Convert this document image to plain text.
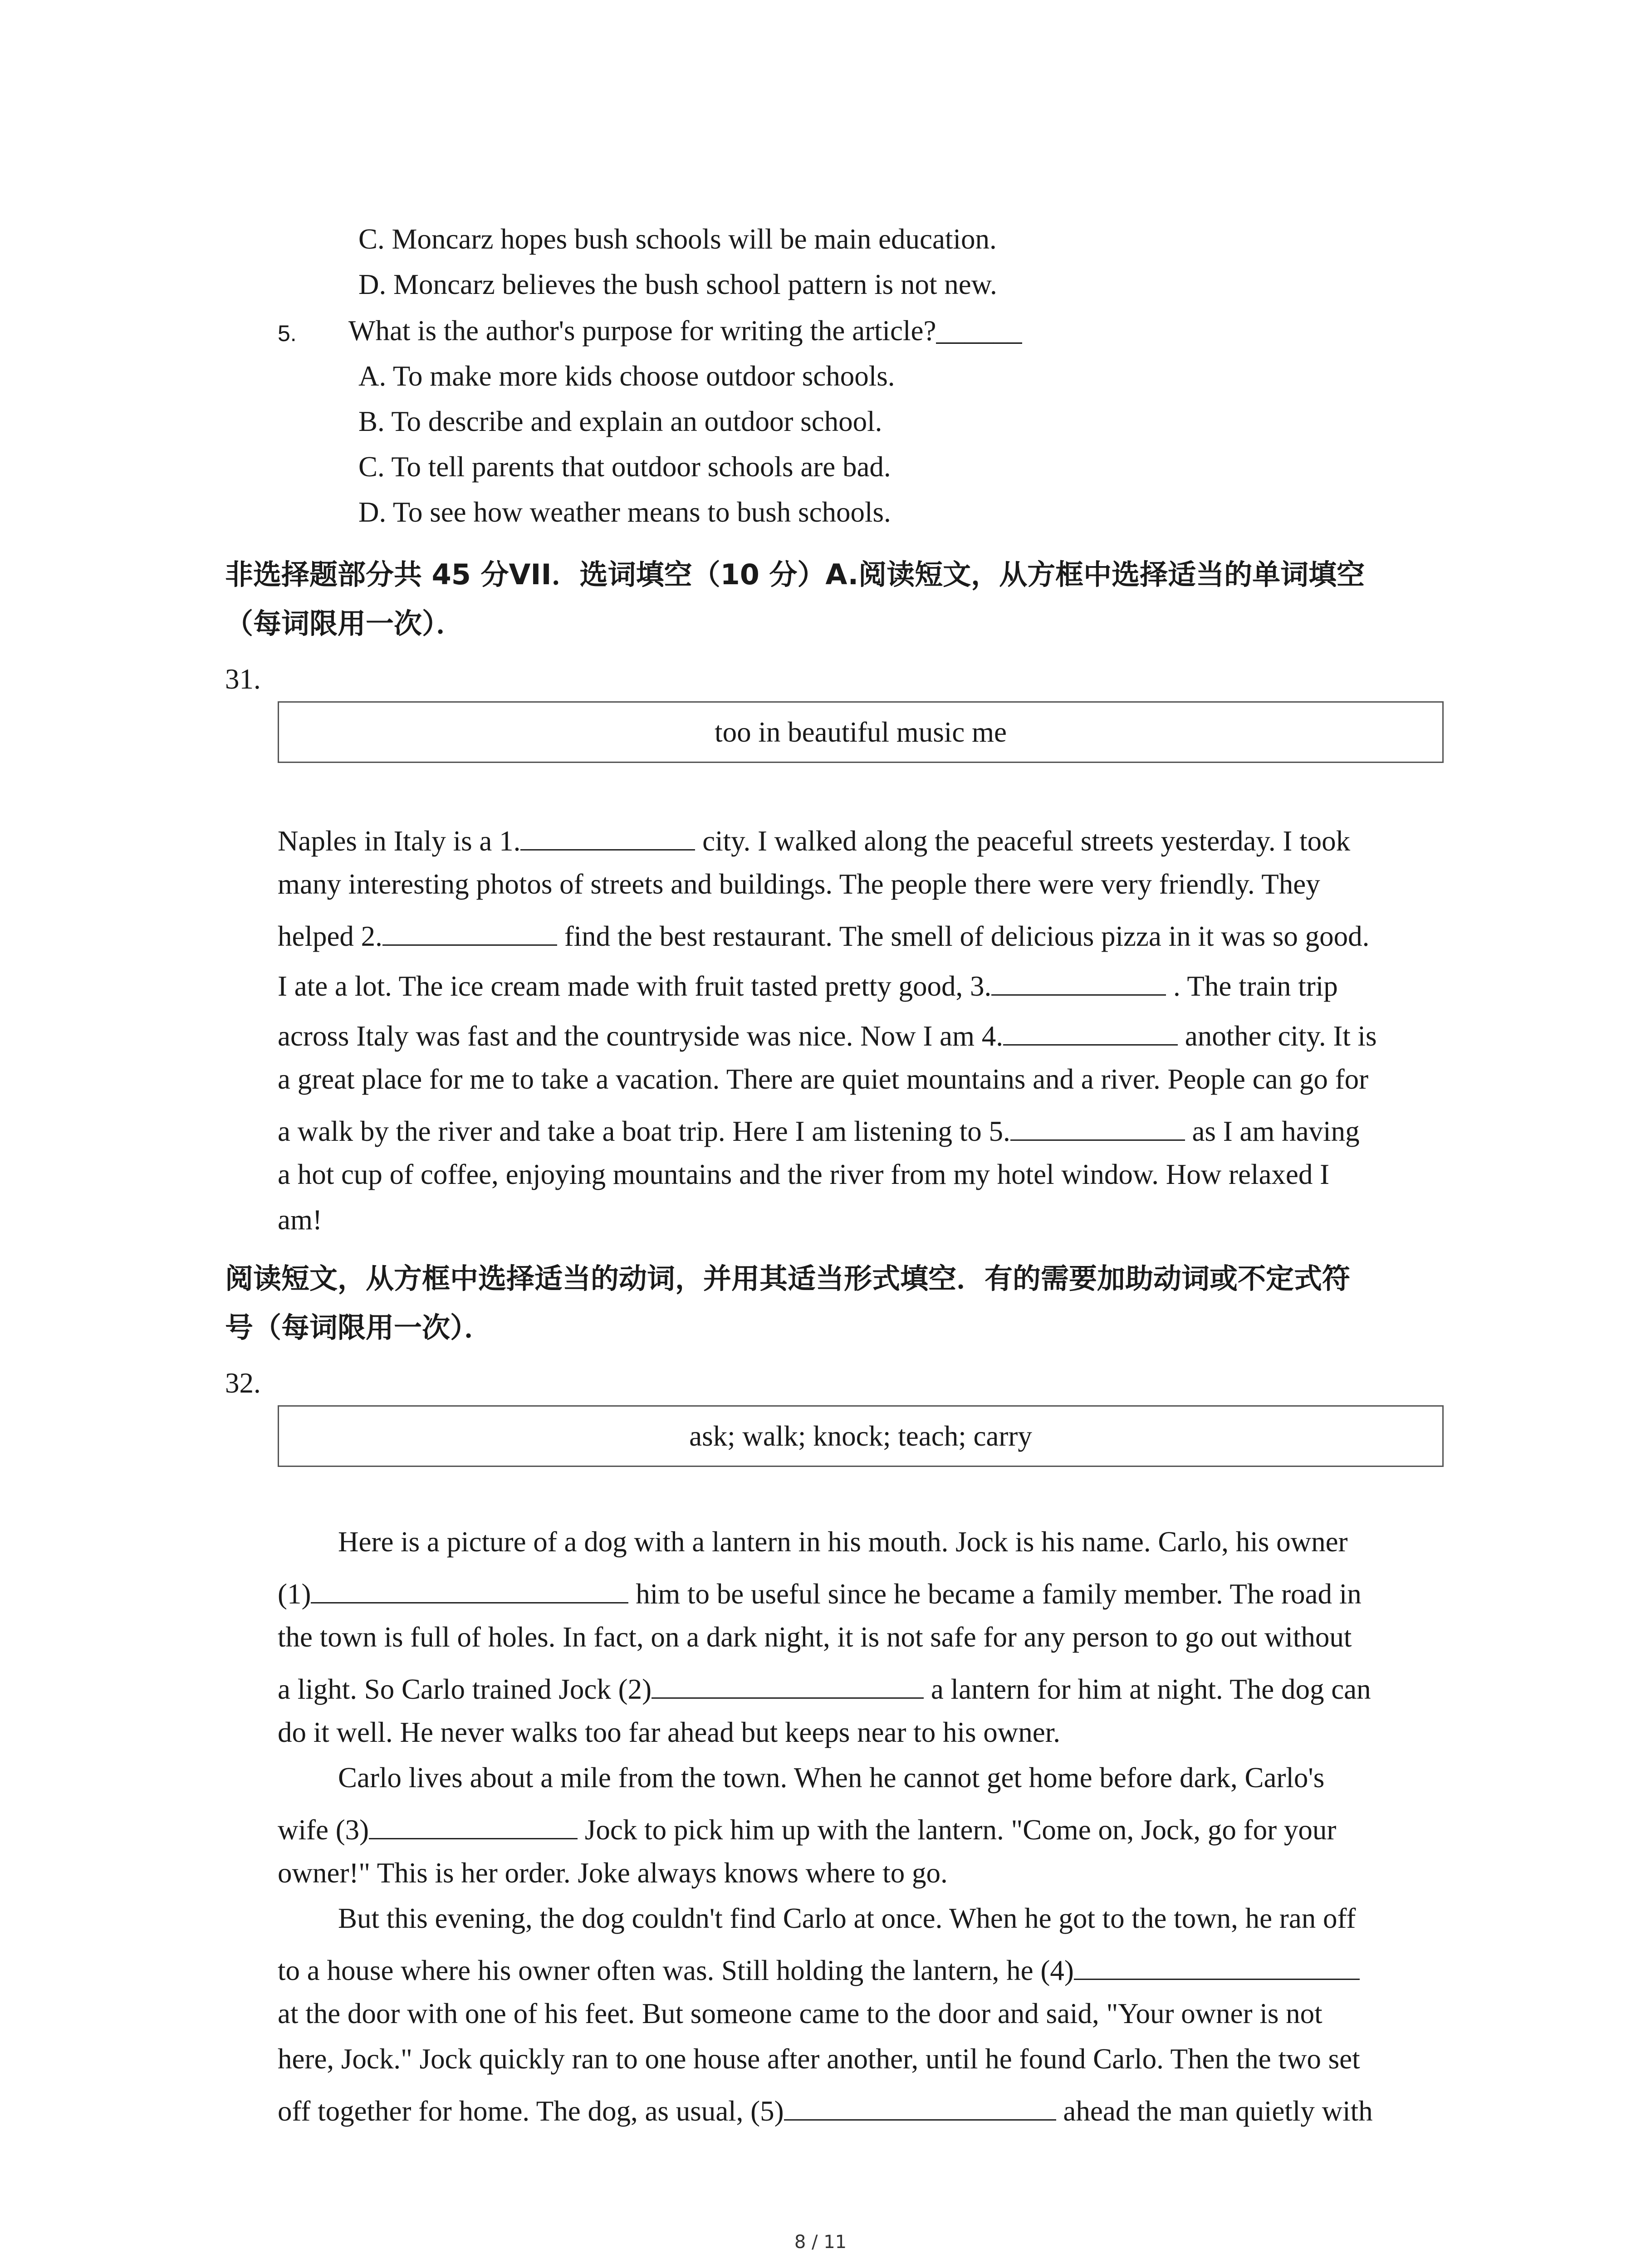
C. Moncarz hopes bush schools will be main education.
D. Moncarz believes the bush school pattern is not new.
5. What is the author's purpose for writing the article?______
A. To make more kids choose outdoor schools.
B. To describe and explain an outdoor school.
C. To tell parents that outdoor schools are bad.
D. To see how weather means to bush schools.
非选择题部分共 45 分VII．选词填空（10 分）A.阅读短文，从方框中选择适当的单词填空
（每词限用一次）．
31.
too in beautiful music me
Naples in Italy is a 1.	city. I walked along the peaceful streets yesterday. I took
many interesting photos of streets and buildings. The people there were very friendly. They
helped 2.	find the best restaurant. The smell of delicious pizza in it was so good.
I ate a lot. The ice cream made with fruit tasted pretty good, 3.	. The train trip
across Italy was fast and the countryside was nice. Now I am 4.	another city. It is
a great place for me to take a vacation. There are quiet mountains and a river. People can go for
a walk by the river and take a boat trip. Here I am listening to 5.	as I am having
a hot cup of coffee, enjoying mountains and the river from my hotel window. How relaxed I
am!
阅读短文，从方框中选择适当的动词，并用其适当形式填空．有的需要加助动词或不定式符
号（每词限用一次）．
32.
ask; walk; knock; teach; carry
Here is a picture of a dog with a lantern in his mouth. Jock is his name. Carlo, his owner
(1)	him to be useful since he became a family member. The road in
the town is full of holes. In fact, on a dark night, it is not safe for any person to go out without
a light. So Carlo trained Jock (2)	a lantern for him at night. The dog can
do it well. He never walks too far ahead but keeps near to his owner.
Carlo lives about a mile from the town. When he cannot get home before dark, Carlo's
wife (3)	Jock to pick him up with the lantern. "Come on, Jock, go for your
owner!" This is her order. Joke always knows where to go.
But this evening, the dog couldn't find Carlo at once. When he got to the town, he ran off
to a house where his owner often was. Still holding the lantern, he (4)
at the door with one of his feet. But someone came to the door and said, "Your owner is not
here, Jock." Jock quickly ran to one house after another, until he found Carlo. Then the two set
off together for home. The dog, as usual, (5)	ahead the man quietly with
8 / 11
